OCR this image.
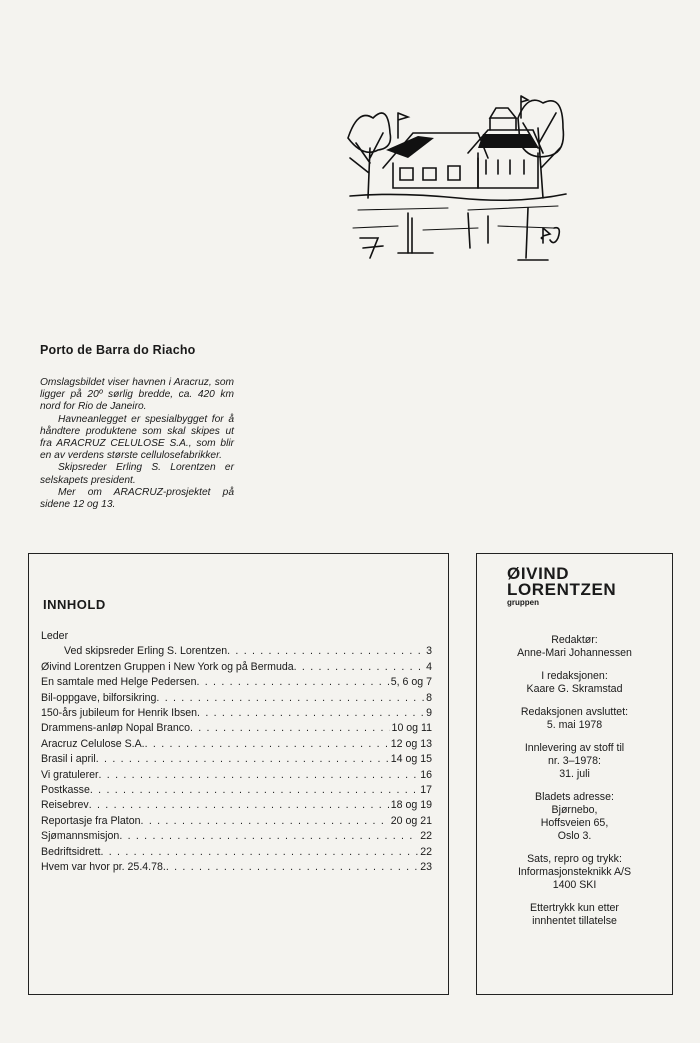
Porto de Barra do Riacho

Omslagsbildet viser havnen i Aracruz, som ligger på 20º sørlig bredde, ca. 420 km nord for Rio de Janeiro.

Havneanlegget er spesialbygget for å håndtere produktene som skal skipes ut fra ARACRUZ CELULOSE S.A., som blir en av verdens største cellulosefabrikker.

Skipsreder Erling S. Lorentzen er selskapets president.

Mer om ARACRUZ-prosjektet på sidene 12 og 13.

INNHOLD
Leder
Ved skipsreder Erling S. Lorentzen . . .	3
Øivind Lorentzen Gruppen i New York og på Bermuda . . .	4
En samtale med Helge Pedersen . . .	5, 6 og 7
Bil-oppgave, bilforsikring . . .	8
150-års jubileum for Henrik Ibsen . . .	9
Drammens-anløp Nopal Branco . . .	10 og 11
Aracruz Celulose S.A. . . .	12 og 13
Brasil i april . . .	14 og 15
Vi gratulerer . . .	16
Postkasse . . .	17
Reisebrev . . .	18 og 19
Reportasje fra Platon . . .	20 og 21
Sjømannsmisjon . . .	22
Bedriftsidrett . . .	22
Hvem var hvor pr. 25.4.78. . . .	23
ØIVIND
LORENTZEN
gruppen
Redaktør:
Anne-Mari Johannessen
I redaksjonen:
Kaare G. Skramstad
Redaksjonen avsluttet:
5. mai 1978
Innlevering av stoff til
nr. 3–1978:
31. juli
Bladets adresse:
Bjørnebo,
Hoffsveien 65,
Oslo 3.
Sats, repro og trykk:
Informasjonsteknikk A/S
1400 SKI
Ettertrykk kun etter
innhentet tillatelse
